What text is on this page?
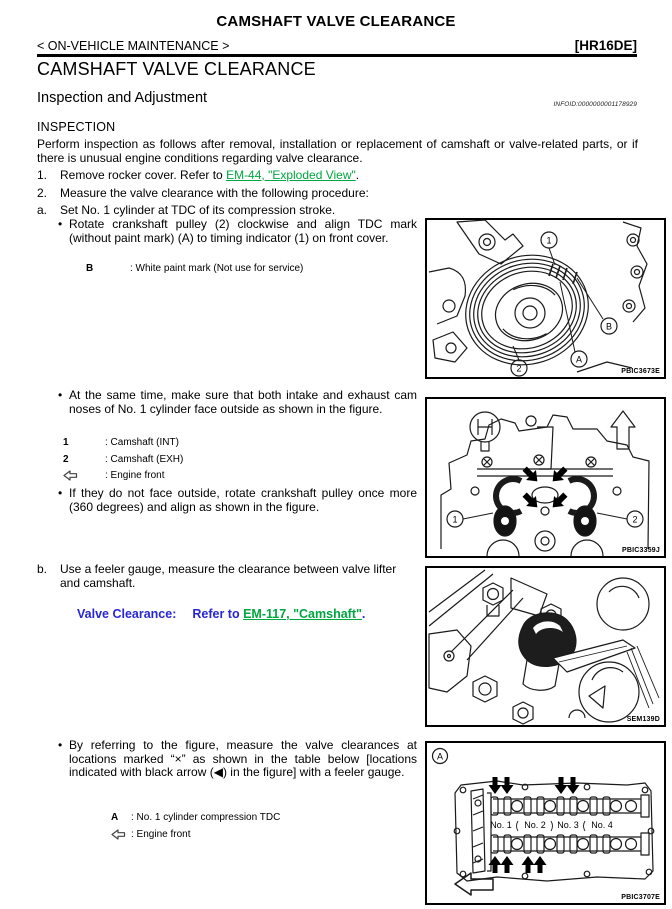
CAMSHAFT VALVE CLEARANCE
< ON-VEHICLE MAINTENANCE >	[HR16DE]
CAMSHAFT VALVE CLEARANCE
Inspection and Adjustment	INFOID:0000000001178929
INSPECTION
Perform inspection as follows after removal, installation or replacement of camshaft or valve-related parts, or if there is unusual engine conditions regarding valve clearance.
1.	Remove rocker cover. Refer to EM-44, "Exploded View".
2.	Measure the valve clearance with the following procedure:
a.	Set No. 1 cylinder at TDC of its compression stroke.
• Rotate crankshaft pulley (2) clockwise and align TDC mark (without paint mark) (A) to timing indicator (1) on front cover.
B	: White paint mark (Not use for service)
• At the same time, make sure that both intake and exhaust cam noses of No. 1 cylinder face outside as shown in the figure.
1	: Camshaft (INT)
2	: Camshaft (EXH)
: Engine front
• If they do not face outside, rotate crankshaft pulley once more (360 degrees) and align as shown in the figure.
b.	Use a feeler gauge, measure the clearance between valve lifter and camshaft.
Valve Clearance: Refer to EM-117, "Camshaft".
• By referring to the figure, measure the valve clearances at locations marked “×” as shown in the table below [locations indicated with black arrow (◀) in the figure] with a feeler gauge.
A	: No. 1 cylinder compression TDC
: Engine front
1
B
A
2	PBIC3673E
1	2
PBIC3359J
SEM139D
A
No. 1 No. 2 No. 3 No. 4
PBIC3707E
